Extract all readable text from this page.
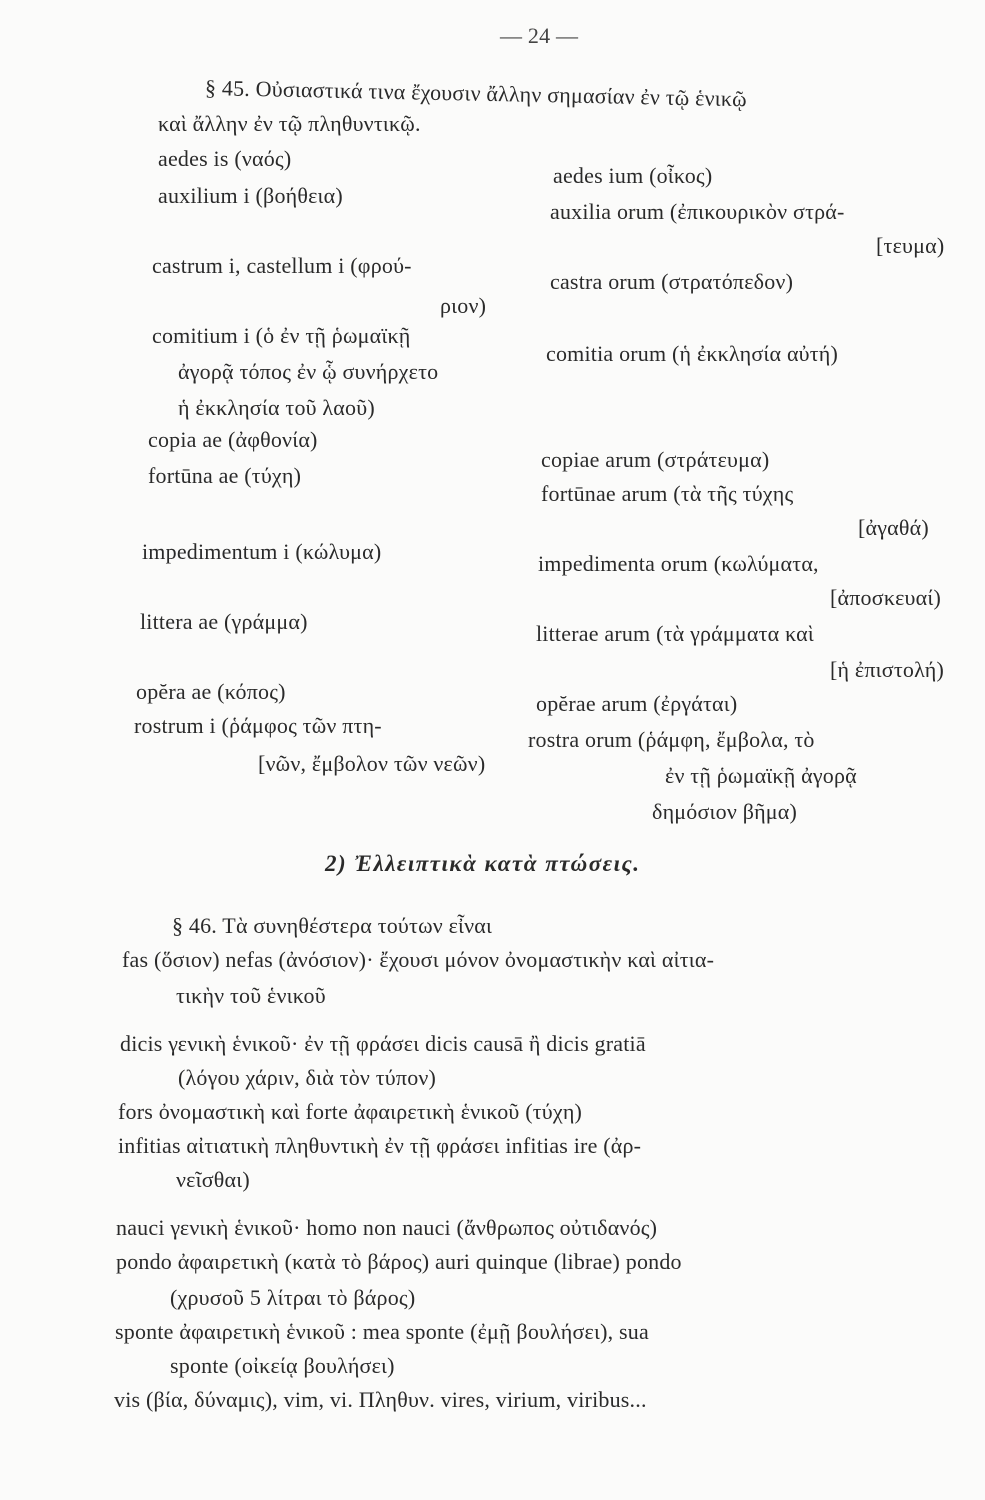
— 24 —
§ 45. Οὐσιαστικά τινα ἔχουσιν ἄλλην σημασίαν ἐν τῷ ἑνικῷ
καὶ ἄλλην ἐν τῷ πληθυντικῷ.
aedes is (ναός)
auxilium i (βοήθεια)
castrum i, castellum i (φρού-
ριον)
comitium i (ὁ ἐν τῇ ῥωμαϊκῇ
ἀγορᾷ τόπος ἐν ᾧ συνήρχετο
ἡ ἐκκλησία τοῦ λαοῦ)
copia ae (ἀφθονία)
fortūna ae (τύχη)
impedimentum i (κώλυμα)
littera ae (γράμμα)
opĕra ae (κόπος)
rostrum i (ῥάμφος τῶν πτη-
[νῶν, ἔμβολον τῶν νεῶν)
aedes ium (οἶκος)
auxilia orum (ἐπικουρικὸν στρά-
[τευμα)
castra orum (στρατόπεδον)
comitia orum (ἡ ἐκκλησία αὐτή)
copiae arum (στράτευμα)
fortūnae arum (τὰ τῆς τύχης
[ἀγαθά)
impedimenta orum (κωλύματα,
[ἀποσκευαί)
litterae arum (τὰ γράμματα καὶ
[ἡ ἐπιστολή)
opĕrae arum (ἐργάται)
rostra orum (ῥάμφη, ἔμβολα, τὸ
ἐν τῇ ῥωμαϊκῇ ἀγορᾷ
δημόσιον βῆμα)
2) Ἐλλειπτικὰ κατὰ πτώσεις.
§ 46. Τὰ συνηθέστερα τούτων εἶναι
fas (ὅσιον) nefas (ἀνόσιον)· ἔχουσι μόνον ὀνομαστικὴν καὶ αἰτια-
τικὴν τοῦ ἑνικοῦ
dicis γενικὴ ἑνικοῦ· ἐν τῇ φράσει dicis causā ἢ dicis gratiā
(λόγου χάριν, διὰ τὸν τύπον)
fors ὀνομαστικὴ καὶ forte ἀφαιρετικὴ ἑνικοῦ (τύχη)
infitias αἰτιατικὴ πληθυντικὴ ἐν τῇ φράσει infitias ire (ἀρ-
νεῖσθαι)
nauci γενικὴ ἑνικοῦ· homo non nauci (ἄνθρωπος οὐτιδανός)
pondo ἀφαιρετικὴ (κατὰ τὸ βάρος) auri quinque (librae) pondo
(χρυσοῦ 5 λίτραι τὸ βάρος)
sponte ἀφαιρετικὴ ἑνικοῦ : mea sponte (ἐμῇ βουλήσει), sua
sponte (οἰκείᾳ βουλήσει)
vis (βία, δύναμις), vim, vi. Πληθυν. vires, virium, viribus...
